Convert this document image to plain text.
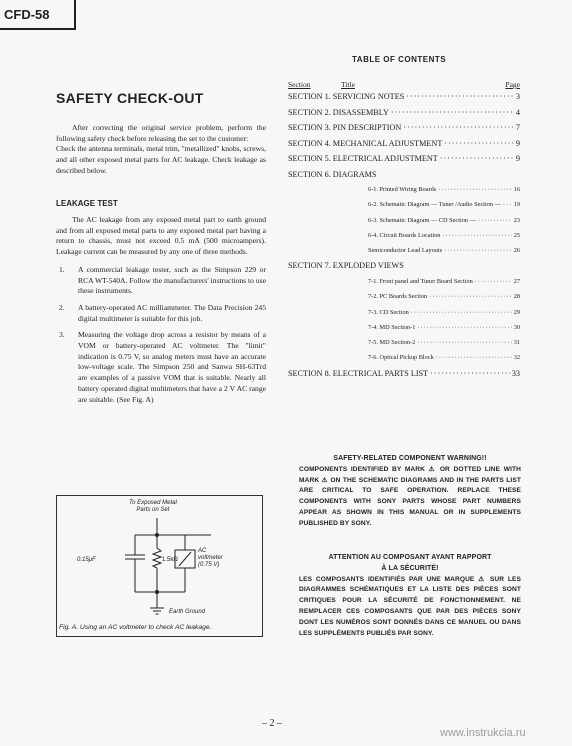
CFD-58
TABLE OF CONTENTS
Section	Title	Page
SECTION 1. SERVICING NOTES ·····	3
SECTION 2. DISASSEMBLY ·····	4
SECTION 3. PIN DESCRIPTION ·····	7
SECTION 4. MECHANICAL ADJUSTMENT ·····	9
SECTION 5. ELECTRICAL ADJUSTMENT ·····	9
SECTION 6. DIAGRAMS
6-1. Printed Wiring Boards ·····	16
6-2. Schematic Diagram — Tuner /Audio Section — ····· 19
6-3. Schematic Diagram — CD Section — ·····	23
6-4. Circuit Boards Location ·····	25
Semiconductor Lead Layouts ·····	26
SECTION 7. EXPLODED VIEWS
7-1. Front panel and Tuner Board Section ·····	27
7-2. PC Boards Section ·····	28
7-3. CD Section ·····	29
7-4. MD Section-1 ·····	30
7-5. MD Section-2 ·····	31
7-6. Optical Pickup Block ·····	32
SECTION 8. ELECTRICAL PARTS LIST ·····	33
SAFETY CHECK-OUT

After correcting the original service problem, perform the following safety check before releasing the set to the customer:

Check the antenna terminals, metal trim, "metallized" knobs, screws, and all other exposed metal parts for AC leakage. Check leakage as described below.

LEAKAGE TEST

The AC leakage from any exposed metal part to earth ground and from all exposed metal parts to any exposed metal part having a return to chassis, must not exceed 0.5 mA (500 microampers). Leakage current can be measured by any one of three methods.

1. A commercial leakage tester, such as the Simpson 229 or RCA WT-540A. Follow the manufacturers' instructions to use these instruments.
2. A battery-operated AC milliammeter. The Data Precision 245 digital multimeter is suitable for this job.
3. Measuring the voltage drop across a resistor by means of a VOM or battery-operated AC voltmeter. The "limit" indication is 0.75 V, so analog meters must have an accurate low-voltage scale. The Simpson 250 and Sanwa SH-63Trd are examples of a passive VOM that is suitable. Nearly all battery operated digital multimeters that have a 2 V AC range are suitable. (See Fig. A)
To Exposed Metal
Parts on Set
0.15μF	1.5kΩ
AC
voltmeter
(0.75 V)
Earth Ground
Fig. A. Using an AC voltmeter to check AC leakage.
SAFETY-RELATED COMPONENT WARNING!!
COMPONENTS IDENTIFIED BY MARK ⚠ OR DOTTED LINE WITH MARK ⚠ ON THE SCHEMATIC DIAGRAMS AND IN THE PARTS LIST ARE CRITICAL TO SAFE OPERATION. REPLACE THESE COMPONENTS WITH SONY PARTS WHOSE PART NUMBERS APPEAR AS SHOWN IN THIS MANUAL OR IN SUPPLEMENTS PUBLISHED BY SONY.
ATTENTION AU COMPOSANT AYANT RAPPORT
À LA SÉCURITÉ!
LES COMPOSANTS IDENTIFIÉS PAR UNE MARQUE ⚠ SUR LES DIAGRAMMES SCHÉMATIQUES ET LA LISTE DES PIÈCES SONT CRITIQUES POUR LA SÉCURITÉ DE FONCTIONNEMENT. NE REMPLACER CES COMPOSANTS QUE PAR DES PIÈCES SONY DONT LES NUMÉROS SONT DONNÉS DANS CE MANUEL OU DANS LES SUPPLÉMENTS PUBLIÉS PAR SONY.
– 2 –
www.instrukcia.ru
